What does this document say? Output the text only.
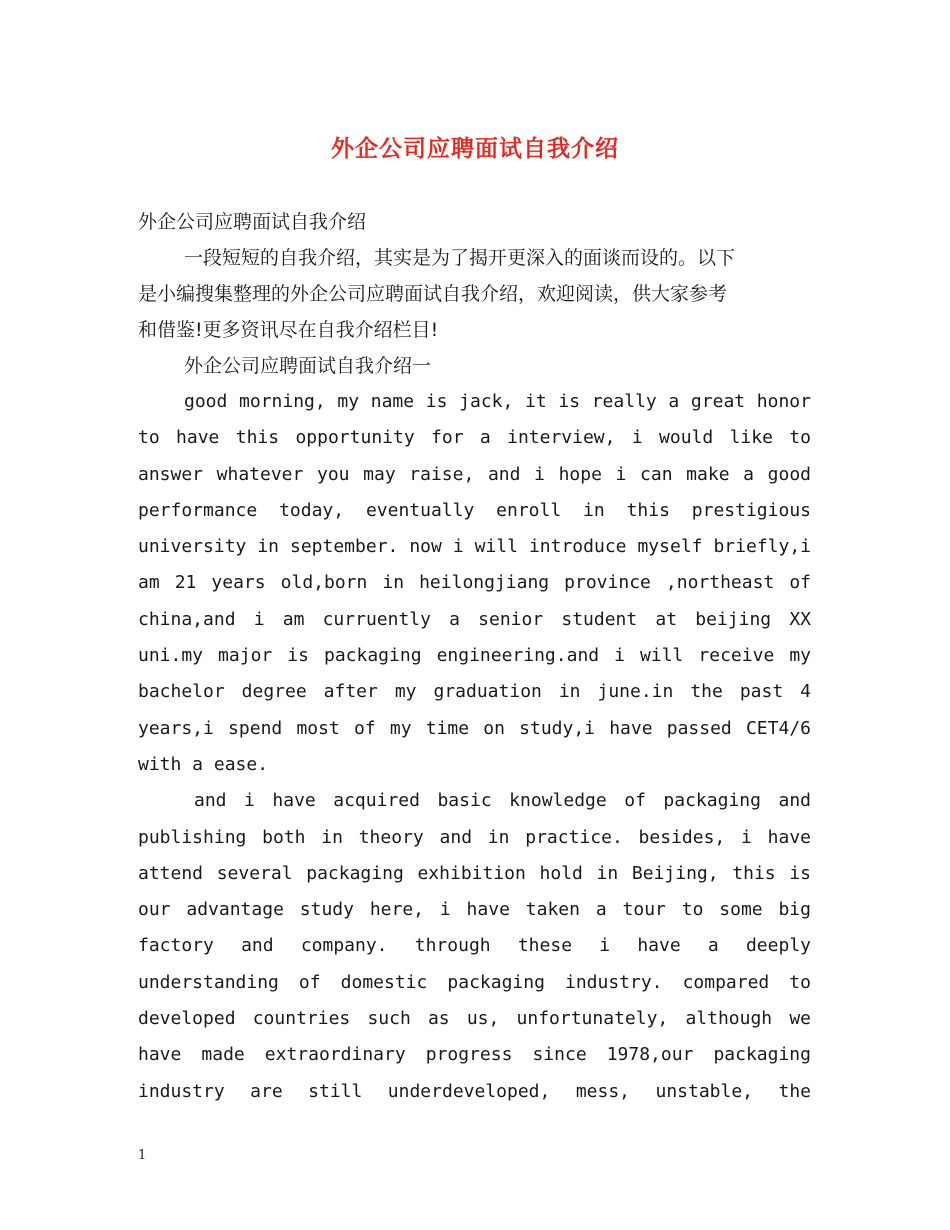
外企公司应聘面试自我介绍
外企公司应聘面试自我介绍
一段短短的自我介绍，其实是为了揭开更深入的面谈而设的。以下
是小编搜集整理的外企公司应聘面试自我介绍，欢迎阅读，供大家参考
和借鉴!更多资讯尽在自我介绍栏目!
外企公司应聘面试自我介绍一
good morning, my name is jack, it is really a great honor
to have this opportunity for a interview, i would like to
answer whatever you may raise, and i hope i can make a good
performance today, eventually enroll in this prestigious
university in september. now i will introduce myself briefly,i
am 21 years old,born in heilongjiang province ,northeast of
china,and i am curruently a senior student at beijing XX
uni.my major is packaging engineering.and i will receive my
bachelor degree after my graduation in june.in the past 4
years,i spend most of my time on study,i have passed CET4/6
with a ease.
and i have acquired basic knowledge of packaging and
publishing both in theory and in practice. besides, i have
attend several packaging exhibition hold in Beijing, this is
our advantage study here, i have taken a tour to some big
factory and company. through these i have a deeply
understanding of domestic packaging industry. compared to
developed countries such as us, unfortunately, although we
have made extraordinary progress since 1978,our packaging
industry are still underdeveloped, mess, unstable, the
1
